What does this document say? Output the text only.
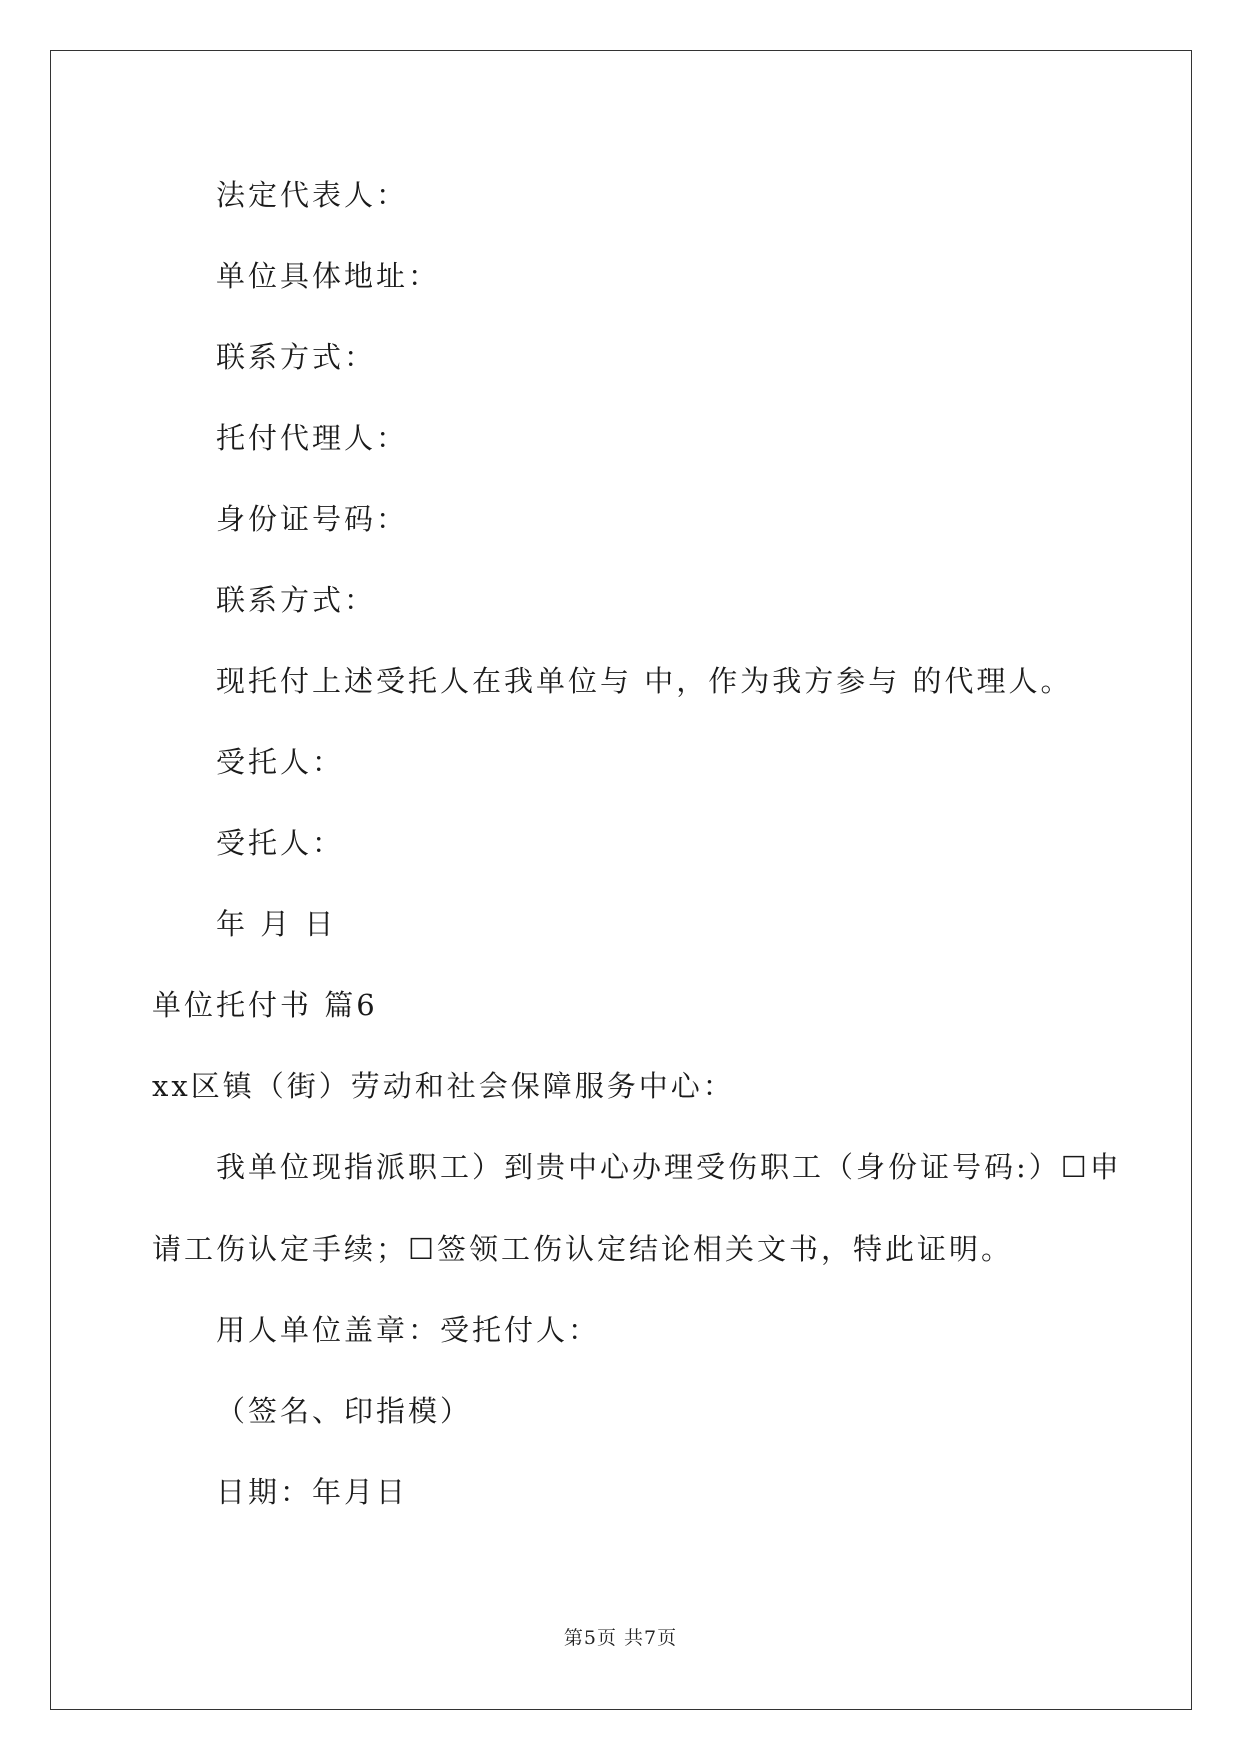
法定代表人：
单位具体地址：
联系方式：
托付代理人：
身份证号码：
联系方式：
现托付上述受托人在我单位与 中，作为我方参与 的代理人。
受托人：
受托人：
年 月 日
单位托付书 篇6
xx区镇（街）劳动和社会保障服务中心：
我单位现指派职工）到贵中心办理受伤职工（身份证号码:）☐申
请工伤认定手续；☐签领工伤认定结论相关文书，特此证明。
用人单位盖章：受托付人：
（签名、印指模）
日期：年月日
第5页 共7页
